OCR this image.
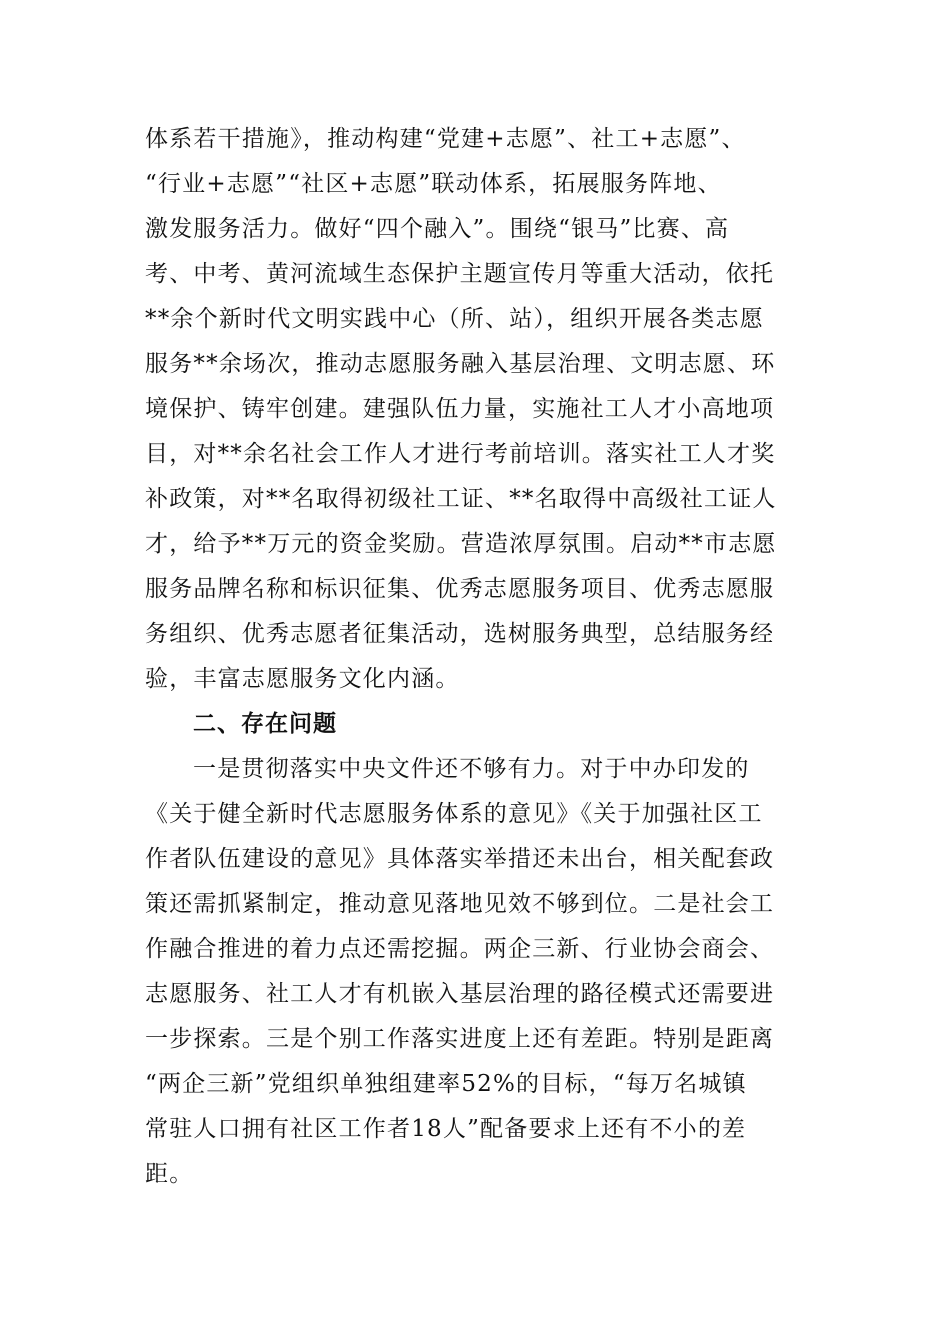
体系若干措施》，推动构建“党建+志愿”、社工+志愿”、
“行业+志愿”“社区+志愿”联动体系，拓展服务阵地、
激发服务活力。做好“四个融入”。围绕“银马”比赛、高
考、中考、黄河流域生态保护主题宣传月等重大活动，依托
**余个新时代文明实践中心（所、站），组织开展各类志愿
服务**余场次，推动志愿服务融入基层治理、文明志愿、环
境保护、铸牢创建。建强队伍力量，实施社工人才小高地项
目，对**余名社会工作人才进行考前培训。落实社工人才奖
补政策，对**名取得初级社工证、**名取得中高级社工证人
才，给予**万元的资金奖励。营造浓厚氛围。启动**市志愿
服务品牌名称和标识征集、优秀志愿服务项目、优秀志愿服
务组织、优秀志愿者征集活动，选树服务典型，总结服务经
验，丰富志愿服务文化内涵。
二、存在问题
一是贯彻落实中央文件还不够有力。对于中办印发的
《关于健全新时代志愿服务体系的意见》《关于加强社区工
作者队伍建设的意见》具体落实举措还未出台，相关配套政
策还需抓紧制定，推动意见落地见效不够到位。二是社会工
作融合推进的着力点还需挖掘。两企三新、行业协会商会、
志愿服务、社工人才有机嵌入基层治理的路径模式还需要进
一步探索。三是个别工作落实进度上还有差距。特别是距离
“两企三新”党组织单独组建率52%的目标，“每万名城镇
常驻人口拥有社区工作者18人”配备要求上还有不小的差
距。
